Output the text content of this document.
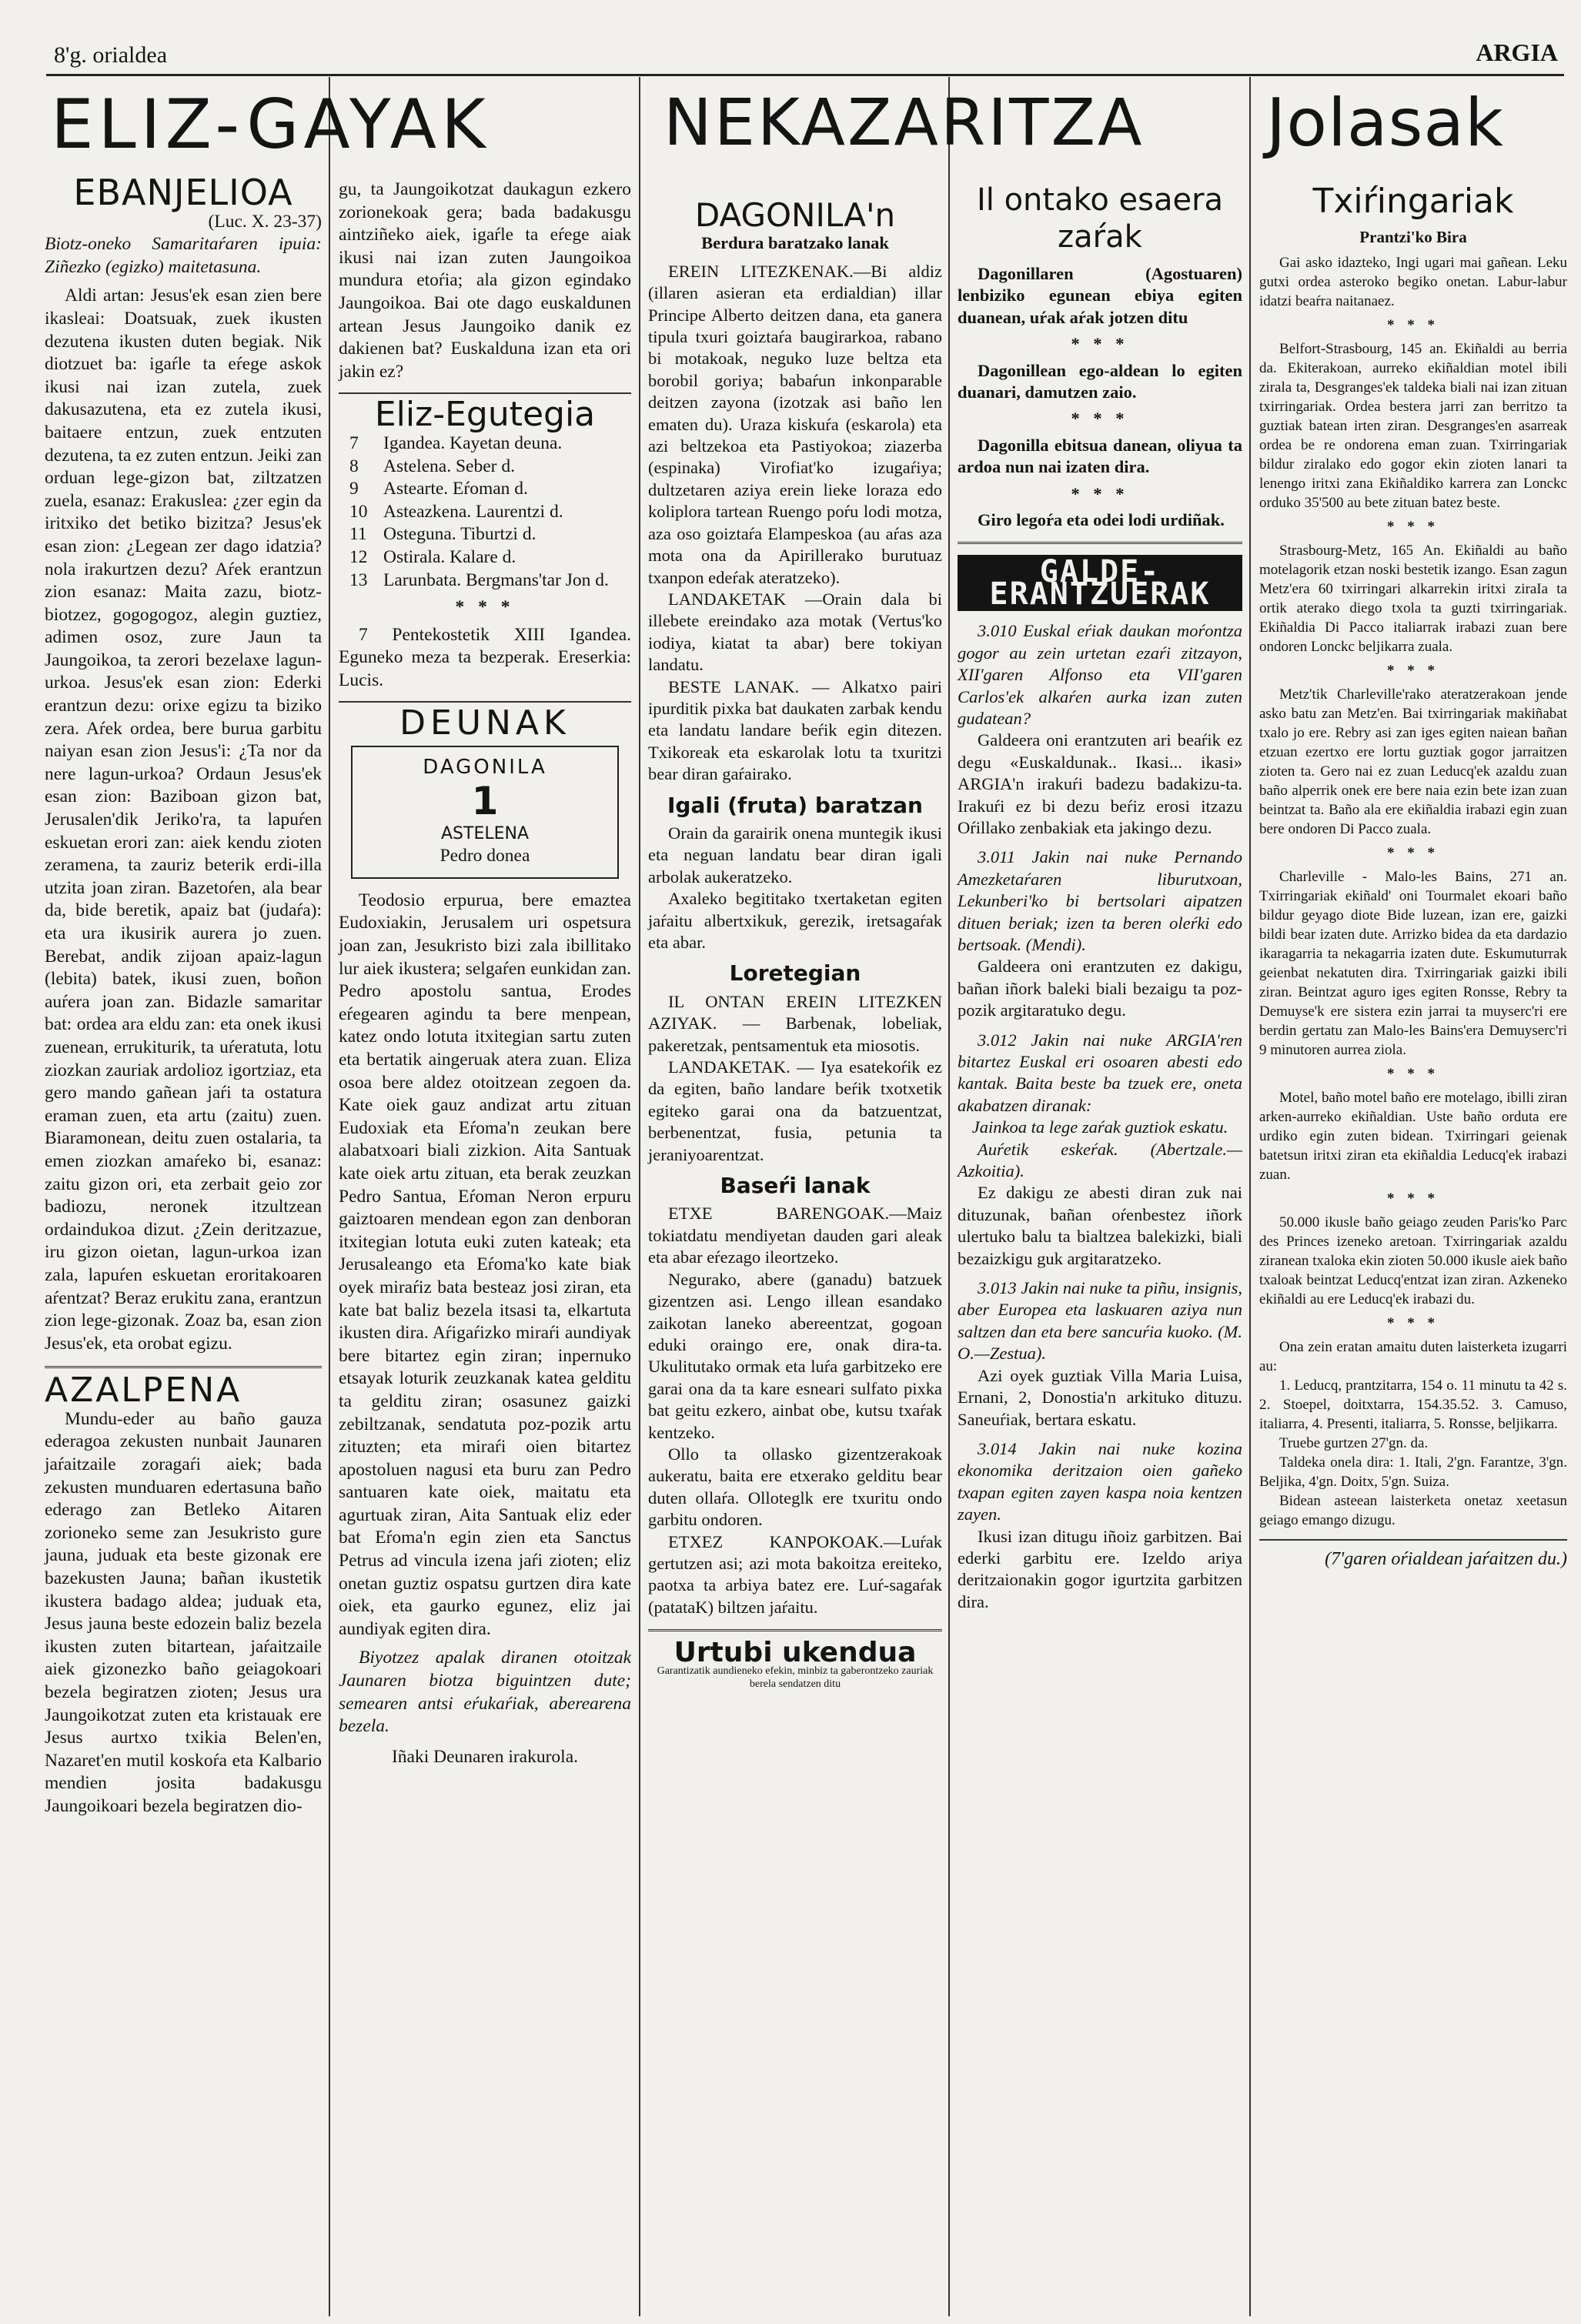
8'g. orialdea	ARGIA
ELIZ-GAYAK	NEKAZARITZA	Jolasak
EBANJELIOA
(Luc. X. 23-37)

Biotz-oneko Samaritaŕaren ipuia: Ziñezko (egizko) maitetasuna.

Aldi artan: Jesus'ek esan zien bere ikasleai: Doatsuak, zuek ikusten dezutena ikusten duten begiak. Nik diotzuet ba: igaŕle ta eŕege askok ikusi nai izan zutela, zuek dakusazutena, eta ez zutela ikusi, baitaere entzun, zuek entzuten dezutena, ta ez zuten entzun. Jeiki zan orduan lege-gizon bat, ziltzatzen zuela, esanaz: Erakuslea: ¿zer egin da iritxiko det betiko bizitza? Jesus'ek esan zion: ¿Legean zer dago idatzia? nola irakurtzen dezu? Aŕek erantzun zion esanaz: Maita zazu, biotz-biotzez, gogogogoz, alegin guztiez, adimen osoz, zure Jaun ta Jaungoikoa, ta zerori bezelaxe lagun-urkoa. Jesus'ek esan zion: Ederki erantzun dezu: orixe egizu ta biziko zera. Aŕek ordea, bere burua garbitu naiyan esan zion Jesus'i: ¿Ta nor da nere lagun-urkoa? Ordaun Jesus'ek esan zion: Baziboan gizon bat, Jerusalen'dik Jeriko'ra, ta lapuŕen eskuetan erori zan: aiek kendu zioten zeramena, ta zauriz beterik erdi-illa utzita joan ziran. Bazetoŕen, ala bear da, bide beretik, apaiz bat (judaŕa): eta ura ikusirik aurera jo zuen. Berebat, andik zijoan apaiz-lagun (lebita) batek, ikusi zuen, boñon auŕera joan zan. Bidazle samaritar bat: ordea ara eldu zan: eta onek ikusi zuenean, errukiturik, ta uŕeratuta, lotu ziozkan zauriak ardolioz igortziaz, eta gero mando gañean jaŕi ta ostatura eraman zuen, eta artu (zaitu) zuen. Biaramonean, deitu zuen ostalaria, ta emen ziozkan amaŕeko bi, esanaz: zaitu gizon ori, eta zerbait geio zor badiozu, neronek itzultzean ordaindukoa dizut. ¿Zein deritzazue, iru gizon oietan, lagun-urkoa izan zala, lapuŕen eskuetan eroritakoaren aŕentzat? Beraz erukitu zana, erantzun zion lege-gizonak. Zoaz ba, esan zion Jesus'ek, eta orobat egizu.

AZALPENA

Mundu-eder au baño gauza ederagoa zekusten nunbait Jaunaren jaŕaitzaile zoragaŕi aiek; bada zekusten munduaren edertasuna baño ederago zan Betleko Aitaren zorioneko seme zan Jesukristo gure jauna, juduak eta beste gizonak ere bazekusten Jauna; bañan ikustetik ikustera badago aldea; juduak eta, Jesus jauna beste edozein baliz bezela ikusten zuten bitartean, jaŕaitzaile aiek gizonezko baño geiagokoari bezela begiratzen zioten; Jesus ura Jaungoikotzat zuten eta kristauak ere Jesus aurtxo txikia Belen'en, Nazaret'en mutil koskoŕa eta Kalbario mendien josita badakusgu Jaungoikoari bezela begiratzen dio-

gu, ta Jaungoikotzat daukagun ezkero zorionekoak gera; bada badakusgu aintziñeko aiek, igaŕle ta eŕege aiak ikusi nai izan zuten Jaungoikoa mundura etoŕia; ala gizon egindako Jaungoikoa. Bai ote dago euskaldunen artean Jesus Jaungoiko danik ez dakienen bat? Euskalduna izan eta ori jakin ez?

Eliz-Egutegia
7	Igandea. Kayetan deuna.
8	Astelena. Seber d.
9	Astearte. Eŕoman d.
10 Asteazkena. Laurentzi d.
11 Osteguna. Tiburtzi d.
12 Ostirala. Kalare d.
13 Larunbata. Bergmans'tar Jon d.
* * *

7 Pentekostetik XIII Igandea. Eguneko meza ta bezperak. Ereserkia: Lucis.

DEUNAK
DAGONILA
1
ASTELENA
Pedro donea

Teodosio erpurua, bere emaztea Eudoxiakin, Jerusalem uri ospetsura joan zan, Jesukristo bizi zala ibillitako lur aiek ikustera; selgaŕen eunkidan zan. Pedro apostolu santua, Erodes eŕegearen agindu ta bere menpean, katez ondo lotuta itxitegian sartu zuten eta bertatik aingeruak atera zuan. Eliza osoa bere aldez otoitzean zegoen da. Kate oiek gauz andizat artu zituan Eudoxiak eta Eŕoma'n zeukan bere alabatxoari biali zizkion. Aita Santuak kate oiek artu zituan, eta berak zeuzkan Pedro Santua, Eŕoman Neron erpuru gaiztoaren mendean egon zan denboran itxitegian lotuta euki zuten kateak; eta Jerusaleango eta Eŕoma'ko kate biak oyek miraŕiz bata besteaz josi ziran, eta kate bat baliz bezela itsasi ta, elkartuta ikusten dira. Aŕigaŕizko miraŕi aundiyak bere bitartez egin ziran; inpernuko etsayak loturik zeuzkanak katea gelditu ta gelditu ziran; osasunez gaizki zebiltzanak, sendatuta poz-pozik artu zituzten; eta miraŕi oien bitartez apostoluen nagusi eta buru zan Pedro santuaren kate oiek, maitatu eta agurtuak ziran, Aita Santuak eliz eder bat Eŕoma'n egin zien eta Sanctus Petrus ad vincula izena jaŕi zioten; eliz onetan guztiz ospatsu gurtzen dira kate oiek, eta gaurko egunez, eliz jai aundiyak egiten dira.

Biyotzez apalak diranen otoitzak Jaunaren biotza biguintzen dute; semearen antsi eŕukaŕiak, aberearena bezela.

Iñaki Deunaren irakurola.
DAGONILA'n
Berdura baratzako lanak

EREIN LITEZKENAK.—Bi aldiz (illaren asieran eta erdialdian) illar Principe Alberto deitzen dana, eta ganera tipula txuri goiztaŕa baugirarkoa, rabano bi motakoak, neguko luze beltza eta borobil goriya; babaŕun inkonparable deitzen zayona (izotzak asi baño len ematen du). Uraza kiskuŕa (eskarola) eta azi beltzekoa eta Pastiyokoa; ziazerba (espinaka) Virofiat'ko izugaŕiya; dultzetaren aziya erein lieke loraza edo koliplora tartean Ruengo poŕu lodi motza, aza oso goiztaŕa Elampeskoa (au aŕas aza mota ona da Apirillerako burutuaz txanpon edeŕak ateratzeko).

LANDAKETAK —Orain dala bi illebete ereindako aza motak (Vertus'ko iodiya, kiatat ta abar) bere tokiyan landatu.

BESTE LANAK. — Alkatxo pairi ipurditik pixka bat daukaten zarbak kendu eta landatu landare beŕik egin ditezen. Txikoreak eta eskarolak lotu ta txuritzi bear diran gaŕairako.

Igali (fruta) baratzan

Orain da garairik onena muntegik ikusi eta neguan landatu bear diran igali arbolak aukeratzeko.

Axaleko begititako txertaketan egiten jaŕaitu albertxikuk, gerezik, iretsagaŕak eta abar.

Loretegian

IL ONTAN EREIN LITEZKEN AZIYAK. — Barbenak, lobeliak, pakeretzak, pentsamentuk eta miosotis.

LANDAKETAK. — Iya esatekoŕik ez da egiten, baño landare beŕik txotxetik egiteko garai ona da batzuentzat, berbenentzat, fusia, petunia ta jeraniyoarentzat.

Baseŕi lanak

ETXE BARENGOAK.—Maiz tokiatdatu mendiyetan dauden gari aleak eta abar eŕezago ileortzeko.

Negurako, abere (ganadu) batzuek gizentzen asi. Lengo illean esandako zaikotan laneko abereentzat, gogoan eduki oraingo ere, onak dira-ta. Ukulitutako ormak eta luŕa garbitzeko ere garai ona da ta kare esneari sulfato pixka bat geitu ezkero, ainbat obe, kutsu txaŕak kentzeko.

Ollo ta ollasko gizentzerakoak aukeratu, baita ere etxerako gelditu bear duten ollaŕa. Olloteglk ere txuritu ondo garbitu ondoren.

ETXEZ KANPOKOAK.—Luŕak gertutzen asi; azi mota bakoitza ereiteko, paotxa ta arbiya batez ere. Luŕ-sagaŕak (patataK) biltzen jaŕaitu.

Urtubi ukendua
Garantizatik aundieneko efekin, minbiz ta gaberontzeko zauriak berela sendatzen ditu
Il ontako esaera zaŕak

Dagonillaren (Agostuaren) lenbiziko egunean ebiya egiten duanean, uŕak aŕak jotzen ditu

* * *

Dagonillean ego-aldean lo egiten duanari, damutzen zaio.

* * *

Dagonilla ebitsua danean, oliyua ta ardoa nun nai izaten dira.

* * *

Giro legoŕa eta odei lodi urdiñak.

GALDE-ERANTZUERAK

3.010 Euskal eŕiak daukan moŕontza gogor au zein urtetan ezaŕi zitzayon, XII'garen Alfonso eta VII'garen Carlos'ek alkaŕen aurka izan zuten gudatean?

Galdeera oni erantzuten ari beaŕik ez degu «Euskaldunak.. Ikasi... ikasi» ARGIA'n irakuŕi badezu badakizu-ta. Irakuŕi ez bi dezu beŕiz erosi itzazu Oŕillako zenbakiak eta jakingo dezu.

3.011 Jakin nai nuke Pernando Amezketaŕaren liburutxoan, Lekunberi'ko bi bertsolari aipatzen dituen beriak; izen ta beren oleŕki edo bertsoak. (Mendi).

Galdeera oni erantzuten ez dakigu, bañan iñork baleki biali bezaigu ta poz-pozik argitaratuko degu.

3.012 Jakin nai nuke ARGIA'ren bitartez Euskal eri osoaren abesti edo kantak. Baita beste ba tzuek ere, oneta akabatzen diranak:

Jainkoa ta lege zaŕak guztiok eskatu.

Auŕetik eskeŕak. (Abertzale.—Azkoitia).

Ez dakigu ze abesti diran zuk nai dituzunak, bañan oŕenbestez iñork ulertuko balu ta bialtzea balekizki, biali bezaizkigu guk argitaratzeko.

3.013 Jakin nai nuke ta piñu, insignis, aber Europea eta laskuaren aziya nun saltzen dan eta bere sancuŕia kuoko. (M. O.—Zestua).

Azi oyek guztiak Villa Maria Luisa, Ernani, 2, Donostia'n arkituko dituzu. Saneuŕiak, bertara eskatu.

3.014 Jakin nai nuke kozina ekonomika deritzaion oien gañeko txapan egiten zayen kaspa noia kentzen zayen.

Ikusi izan ditugu iñoiz garbitzen. Bai ederki garbitu ere. Izeldo ariya deritzaionakin gogor igurtzita garbitzen dira.

Txiŕingariak
Prantzi'ko Bira

Gai asko idazteko, Ingi ugari mai gañean. Leku gutxi ordea asteroko begiko onetan. Labur-labur idatzi beaŕra naitanaez.

* * *

Belfort-Strasbourg, 145 an. Ekiñaldi au berria da. Ekiterakoan, aurreko ekiñaldian motel ibili zirala ta, Desgranges'ek taldeka biali nai izan zituan txirringariak. Ordea bestera jarri zan berritzo ta guztiak batean irten ziran. Desgranges'en asarreak ordea be re ondorena eman zuan. Txirringariak bildur ziralako edo gogor ekin zioten lanari ta lenengo iritxi zana Ekiñaldiko karrera zan Lonckc orduko 35'500 au bete zituan batez beste.

* * *

Strasbourg-Metz, 165 An. Ekiñaldi au baño motelagorik etzan noski bestetik izango. Esan zagun Metz'era 60 txirringari alkarrekin iritxi ziraIa ta ortik aterako diego txola ta guzti txirringariak. Ekiñaldia Di Pacco italiarrak irabazi zuan bere ondoren Lonckc beljikarra zuala.

* * *

Metz'tik Charleville'rako ateratzerakoan jende asko batu zan Metz'en. Bai txirringariak makiñabat txalo jo ere. Rebry asi zan iges egiten naiean bañan etzuan ezertxo ere lortu guztiak gogor jarraitzen zioten ta. Gero nai ez zuan Leducq'ek azaldu zuan baño alperrik onek ere bere naia ezin bete izan zuan beintzat ta. Baño ala ere ekiñaldia irabazi egin zuan bere ondoren Di Pacco zuala.

* * *

Charleville - Malo-les Bains, 271 an. Txirringariak ekiñald' oni Tourmalet ekoari baño bildur geyago diote Bide luzean, izan ere, gaizki bildi bear izaten dute. Arrizko bidea da eta dardazio ikaragarria ta nekagarria izaten dute. Eskumuturrak geienbat nekatuten dira. Txirringariak gaizki ibili ziran. Beintzat aguro iges egiten Ronsse, Rebry ta Demuyse'k ere sistera ezin jarrai ta muyserc'ri ere berdin gertatu zan Malo-les Bains'era Demuyserc'ri 9 minutoren aurrea ziola.

* * *

Motel, baño motel baño ere motelago, ibilli ziran arken-aurreko ekiñaldian. Uste baño orduta ere urdiko egin zuten bidean. Txirringari geienak batetsun iritxi ziran eta ekiñaldia Leducq'ek irabazi zuan.

* * *

50.000 ikusle baño geiago zeuden Paris'ko Parc des Princes izeneko aretoan. Txirringariak azaldu ziranean txaloka ekin zioten 50.000 ikusle aiek baño txaloak beintzat Leducq'entzat izan ziran. Azkeneko ekiñaldi au ere Leducq'ek irabazi du.

* * *

Ona zein eratan amaitu duten laisterketa izugarri au:

1. Leducq, prantzitarra, 154 o. 11 minutu ta 42 s. 2. Stoepel, doitxtarra, 154.35.52. 3. Camuso, italiarra, 4. Presenti, italiarra, 5. Ronsse, beljikarra.

Truebe gurtzen 27'gn. da.

Taldeka onela dira: 1. Itali, 2'gn. Farantze, 3'gn. Beljika, 4'gn. Doitx, 5'gn. Suiza.

Bidean asteean laisterketa onetaz xeetasun geiago emango dizugu.

(7'garen oŕialdean jaŕaitzen du.)
